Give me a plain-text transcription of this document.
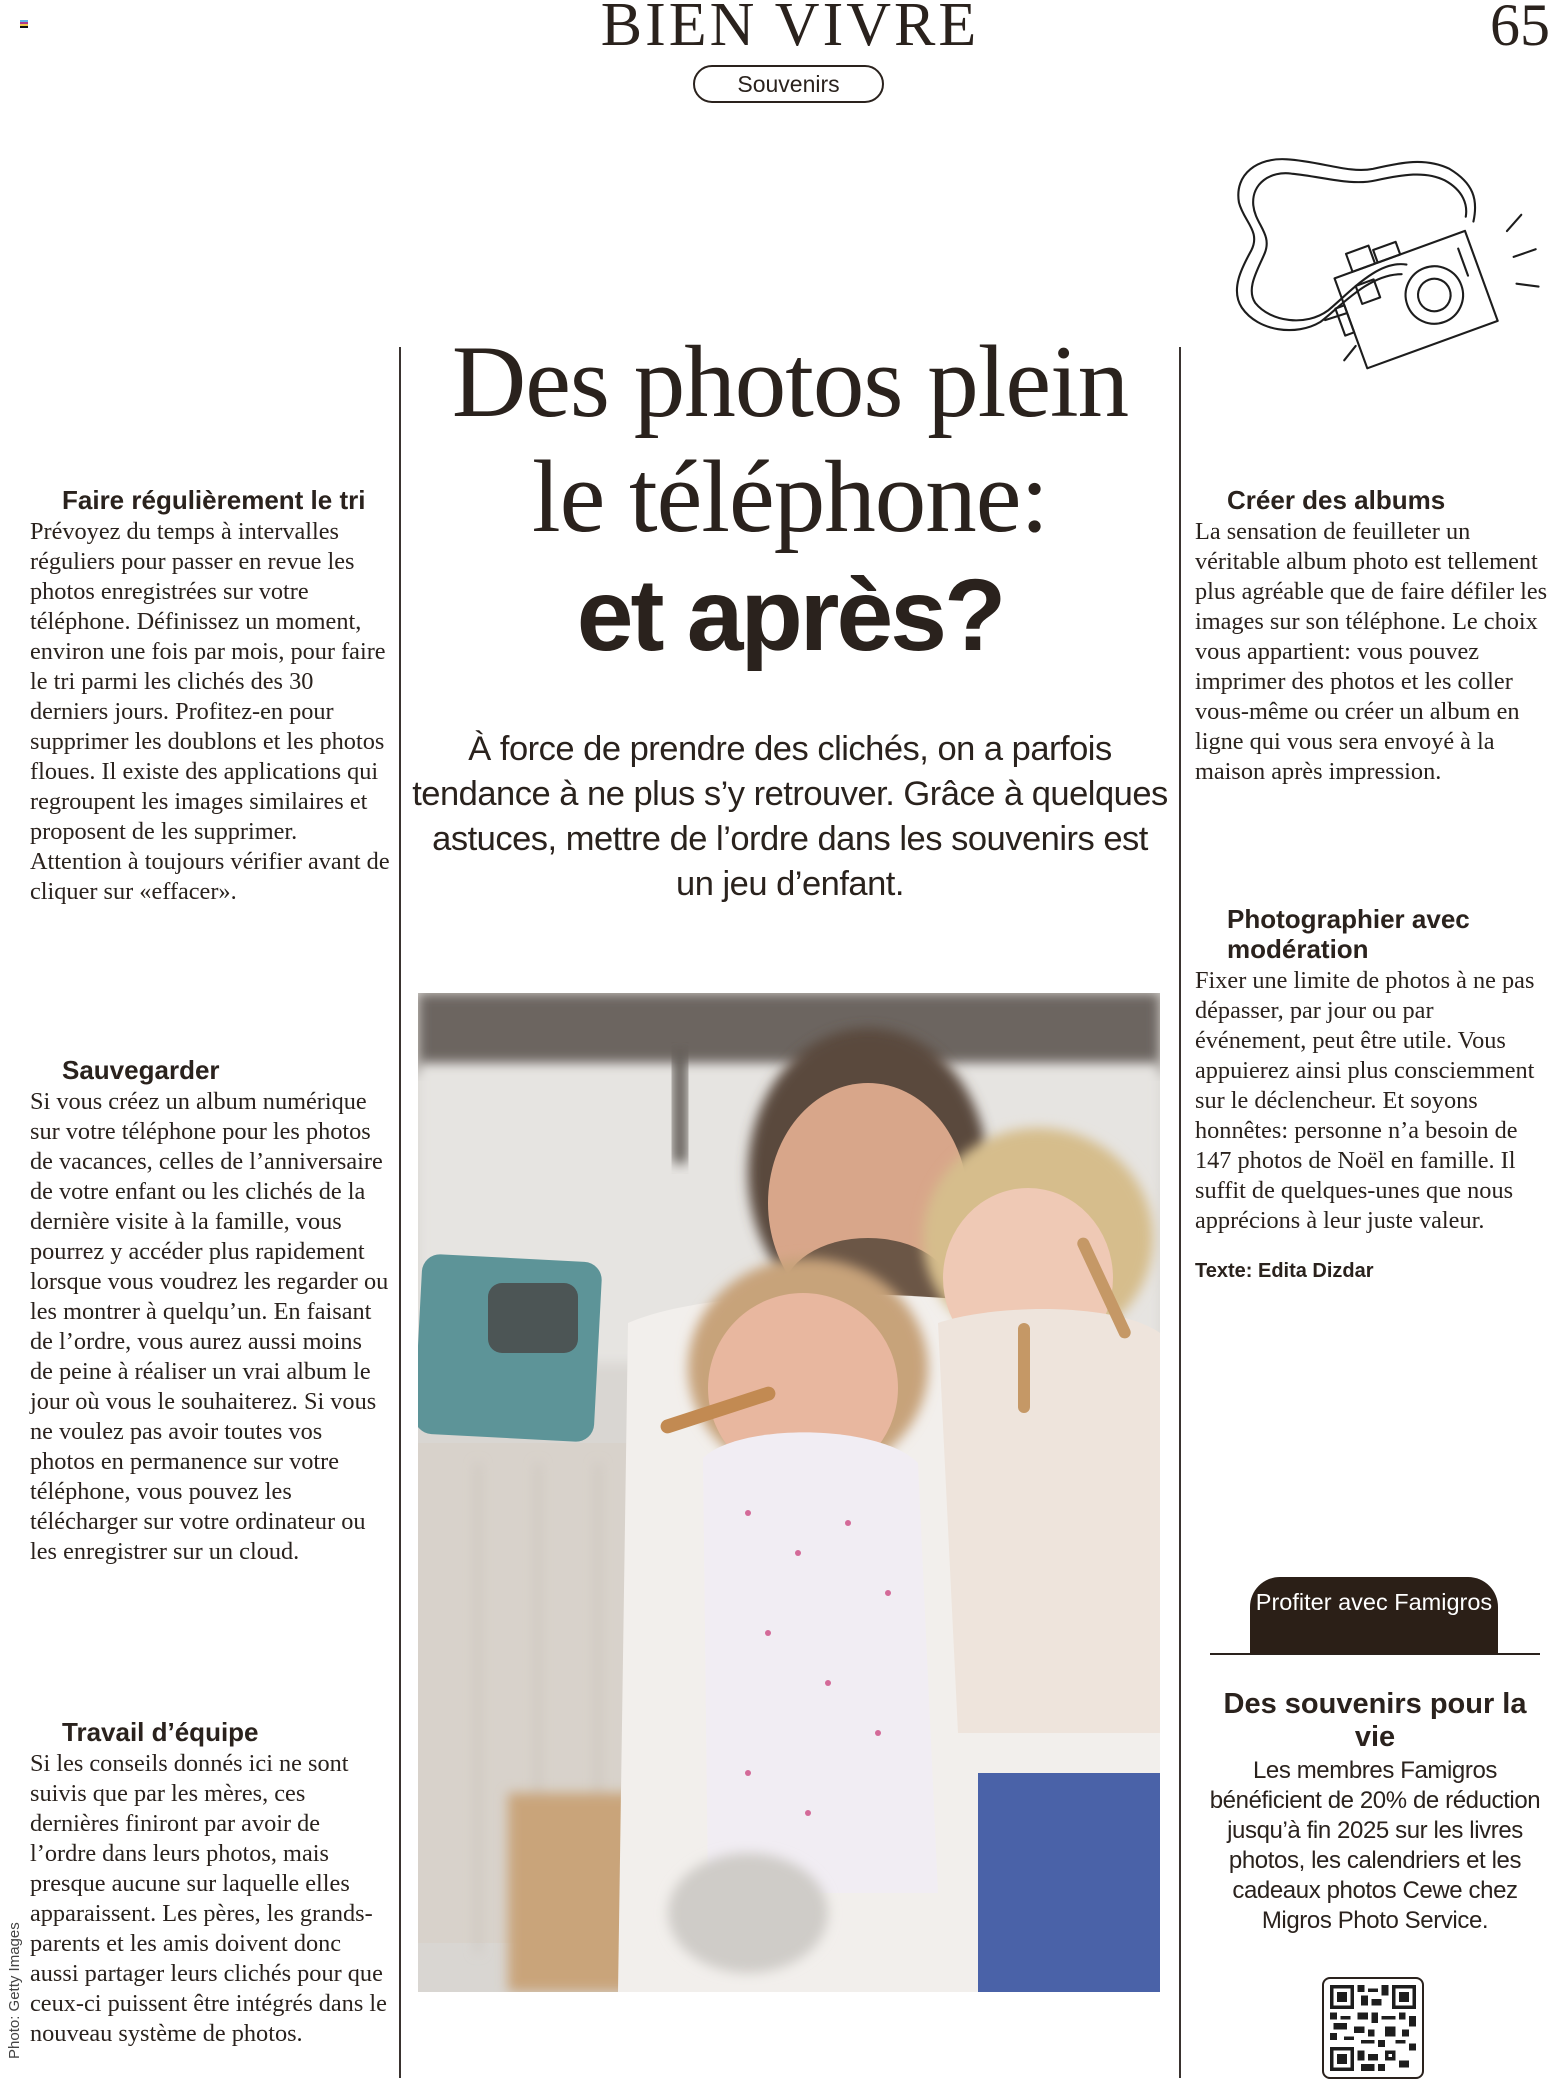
BIEN VIVRE	65
Souvenirs
Des photos plein
le téléphone:
et après?
À force de prendre des clichés, on a parfois tendance à ne plus s’y retrouver. Grâce à quelques astuces, mettre de l’ordre dans les souvenirs est un jeu d’enfant.
Photo: Getty Images
Faire régulièrement le tri

Prévoyez du temps à intervalles réguliers pour passer en revue les photos enregistrées sur votre téléphone. Définissez un moment, environ une fois par mois, pour faire le tri parmi les clichés des 30 derniers jours. Profitez-en pour supprimer les doublons et les photos floues. Il existe des applications qui regroupent les images similaires et proposent de les supprimer. Attention à toujours vérifier avant de cliquer sur «effacer».

Sauvegarder

Si vous créez un album numérique sur votre téléphone pour les photos de vacances, celles de l’anniversaire de votre enfant ou les clichés de la dernière visite à la famille, vous pourrez y accéder plus rapidement lorsque vous voudrez les regarder ou les montrer à quelqu’un. En faisant de l’ordre, vous aurez aussi moins de peine à réaliser un vrai album le jour où vous le souhaiterez. Si vous ne voulez pas avoir toutes vos photos en permanence sur votre téléphone, vous pouvez les télécharger sur votre ordinateur ou les enregistrer sur un cloud.

Travail d’équipe

Si les conseils donnés ici ne sont suivis que par les mères, ces dernières finiront par avoir de l’ordre dans leurs photos, mais presque aucune sur laquelle elles apparaissent. Les pères, les grands-parents et les amis doivent donc aussi partager leurs clichés pour que ceux-ci puissent être intégrés dans le nouveau système de photos.

Créer des albums

La sensation de feuilleter un véritable album photo est tellement plus agréable que de faire défiler les images sur son téléphone. Le choix vous appartient: vous pouvez imprimer des photos et les coller vous-même ou créer un album en ligne qui vous sera envoyé à la maison après impression.

Photographier avec modération

Fixer une limite de photos à ne pas dépasser, par jour ou par événement, peut être utile. Vous appuierez ainsi plus consciemment sur le déclencheur. Et soyons honnêtes: personne n’a besoin de 147 photos de Noël en famille. Il suffit de quelques-unes que nous apprécions à leur juste valeur.

Texte: Edita Dizdar
Profiter avec Famigros
Des souvenirs pour la vie
Les membres Famigros bénéficient de 20% de réduction jusqu’à fin 2025 sur les livres photos, les calendriers et les cadeaux photos Cewe chez Migros Photo Service.
